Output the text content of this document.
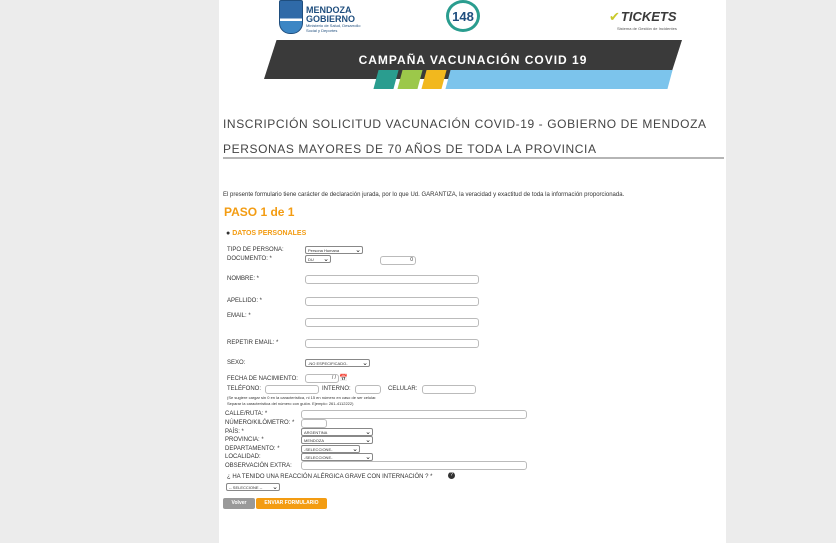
MENDOZA
GOBIERNO
Ministerio de Salud, Desarrollo Social y Deportes
148	✔TICKETS
Sistema de Gestión de Incidentes
CAMPAÑA VACUNACIÓN COVID 19
INSCRIPCIÓN SOLICITUD VACUNACIÓN COVID-19 - GOBIERNO DE MENDOZA
PERSONAS MAYORES DE 70 AÑOS DE TODA LA PROVINCIA
El presente formulario tiene carácter de declaración jurada, por lo que Ud. GARANTIZA, la veracidad y exactitud de toda la información proporcionada.
PASO 1 de 1
● DATOS PERSONALES
TIPO DE PERSONA:	Persona Humana ⌄
DOCUMENTO: *	DU ⌄	0
NOMBRE: *
APELLIDO: *
EMAIL: *
REPETIR EMAIL: *
SEXO:	-NO ESPECIFICADO- ⌄
FECHA DE NACIMIENTO:	/ / 📅
TELÉFONO:	INTERNO:	CELULAR:
(Se sugiere cargar sin 0 en la característica, ni 15 en número en caso de ser celular.
Separar la característica del número con guión. Ejemplo: 261-4112222)
CALLE/RUTA: *
NÚMERO/KILÓMETRO: *
PAÍS: *	ARGENTINA	⌄
PROVINCIA: *	MENDOZA	⌄
DEPARTAMENTO: *	-SELECCIONE-	⌄
LOCALIDAD:	-SELECCIONE-	⌄
OBSERVACIÓN EXTRA:
¿ HA TENIDO UNA REACCIÓN ALÉRGICA GRAVE CON INTERNACIÓN ? *	?
-- SELECCIONE -- ⌄
Volver	ENVIAR FORMULARIO
